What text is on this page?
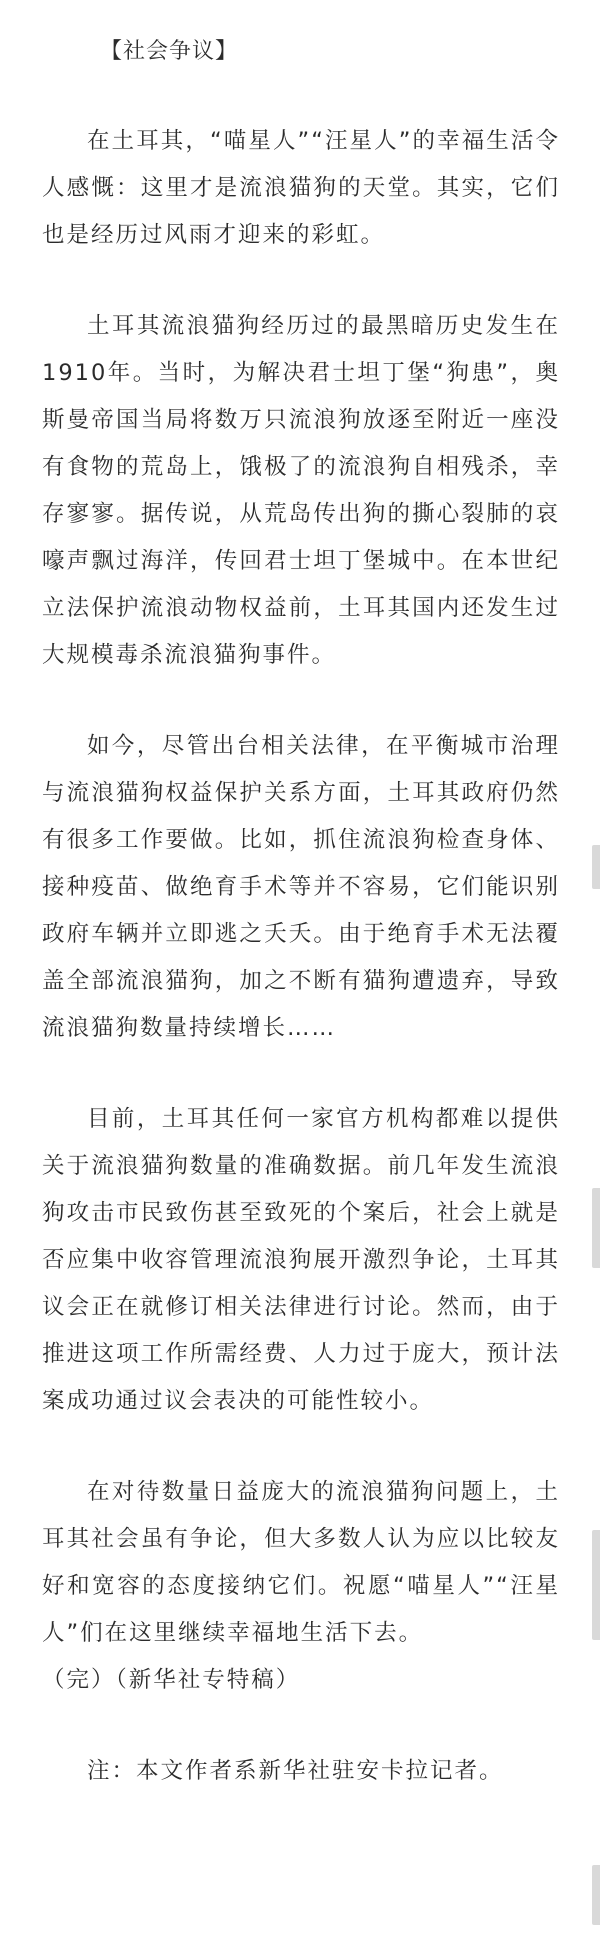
【社会争议】

在土耳其，“喵星人”“汪星人”的幸福生活令人感慨：这里才是流浪猫狗的天堂。其实，它们也是经历过风雨才迎来的彩虹。

土耳其流浪猫狗经历过的最黑暗历史发生在1910年。当时，为解决君士坦丁堡“狗患”，奥斯曼帝国当局将数万只流浪狗放逐至附近一座没有食物的荒岛上，饿极了的流浪狗自相残杀，幸存寥寥。据传说，从荒岛传出狗的撕心裂肺的哀嚎声飘过海洋，传回君士坦丁堡城中。在本世纪立法保护流浪动物权益前，土耳其国内还发生过大规模毒杀流浪猫狗事件。

如今，尽管出台相关法律，在平衡城市治理与流浪猫狗权益保护关系方面，土耳其政府仍然有很多工作要做。比如，抓住流浪狗检查身体、接种疫苗、做绝育手术等并不容易，它们能识别政府车辆并立即逃之夭夭。由于绝育手术无法覆盖全部流浪猫狗，加之不断有猫狗遭遗弃，导致流浪猫狗数量持续增长……

目前，土耳其任何一家官方机构都难以提供关于流浪猫狗数量的准确数据。前几年发生流浪狗攻击市民致伤甚至致死的个案后，社会上就是否应集中收容管理流浪狗展开激烈争论，土耳其议会正在就修订相关法律进行讨论。然而，由于推进这项工作所需经费、人力过于庞大，预计法案成功通过议会表决的可能性较小。

在对待数量日益庞大的流浪猫狗问题上，土耳其社会虽有争论，但大多数人认为应以比较友好和宽容的态度接纳它们。祝愿“喵星人”“汪星人”们在这里继续幸福地生活下去。

（完）（新华社专特稿）

注：本文作者系新华社驻安卡拉记者。
